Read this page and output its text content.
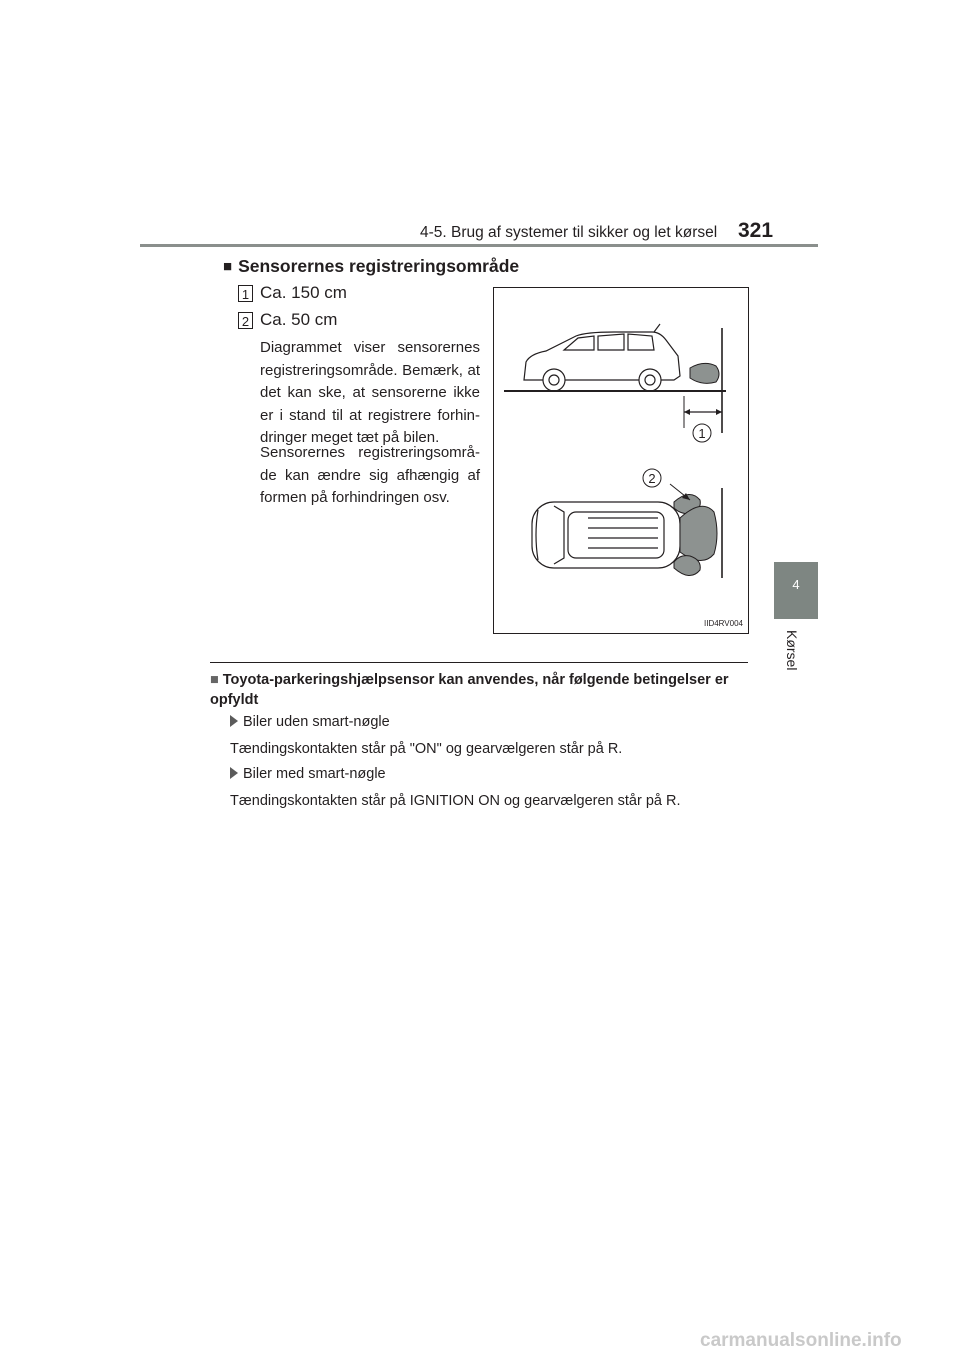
4-5. Brug af systemer til sikker og let kørsel 321
4
Kørsel
■ Sensorernes registreringsområde
1 Ca. 150 cm
2 Ca. 50 cm
Diagrammet viser sensorernes registreringsområde. Bemærk, at det kan ske, at sensorerne ikke er i stand til at registrere forhin-dringer meget tæt på bilen.
Sensorernes registreringsområ-de kan ændre sig afhængig af formen på forhindringen osv.
1
2
IID4RV004
■ Toyota-parkeringshjælpsensor kan anvendes, når følgende betingelser er opfyldt
Biler uden smart-nøgle
Tændingskontakten står på "ON" og gearvælgeren står på R.
Biler med smart-nøgle
Tændingskontakten står på IGNITION ON og gearvælgeren står på R.
carmanualsonline.info
